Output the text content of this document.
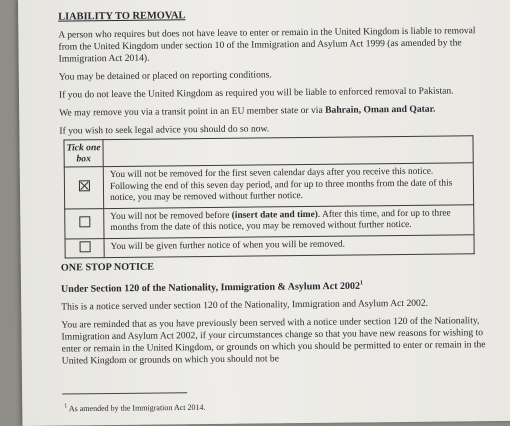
LIABILITY TO REMOVAL

A person who requires but does not have leave to enter or remain in the United Kingdom is liable to removal from the United Kingdom under section 10 of the Immigration and Asylum Act 1999 (as amended by the Immigration Act 2014).

You may be detained or placed on reporting conditions.

If you do not leave the United Kingdom as required you will be liable to enforced removal to Pakistan.

We may remove you via a transit point in an EU member state or via Bahrain, Oman and Qatar.

If you wish to seek legal advice you should do so now.

Tick one box	
	You will not be removed for the first seven calendar days after you receive this notice. Following the end of this seven day period, and for up to three months from the date of this notice, you may be removed without further notice.
	You will not be removed before (insert date and time). After this time, and for up to three months from the date of this notice, you may be removed without further notice.
	You will be given further notice of when you will be removed.
ONE STOP NOTICE
Under Section 120 of the Nationality, Immigration & Asylum Act 2002$^1$

This is a notice served under section 120 of the Nationality, Immigration and Asylum Act 2002.

You are reminded that as you have previously been served with a notice under section 120 of the Nationality, Immigration and Asylum Act 2002, if your circumstances change so that you have new reasons for wishing to enter or remain in the United Kingdom, or grounds on which you should be permitted to enter or remain in the United Kingdom or grounds on which you should not be

$^1$ As amended by the Immigration Act 2014.
